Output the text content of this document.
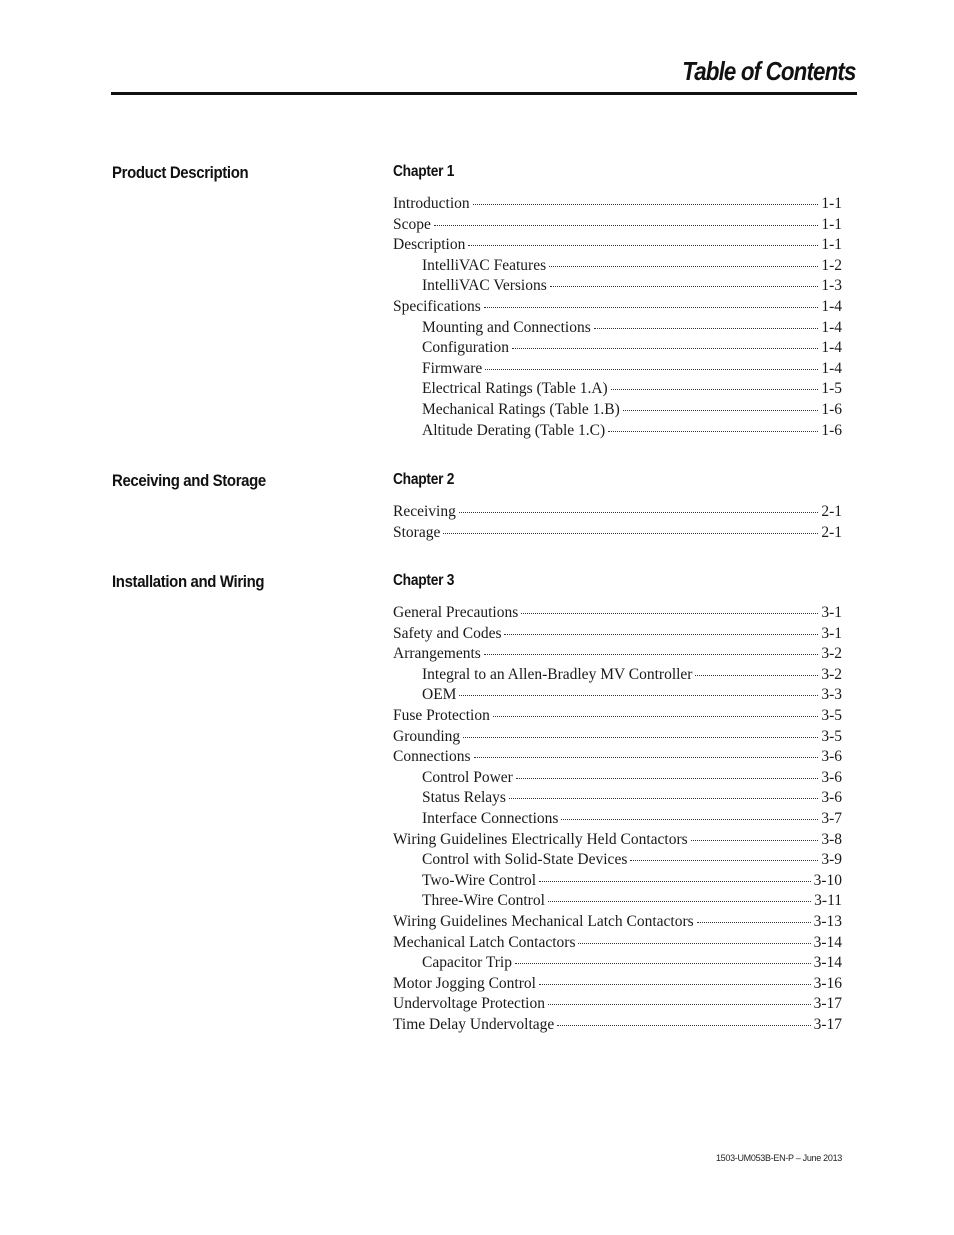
Table of Contents
Product Description	Chapter 1
Introduction	1-1
Scope	1-1
Description	1-1
IntelliVAC Features	1-2
IntelliVAC Versions	1-3
Specifications	1-4
Mounting and Connections	1-4
Configuration	1-4
Firmware	1-4
Electrical Ratings (Table 1.A)	1-5
Mechanical Ratings (Table 1.B)	1-6
Altitude Derating (Table 1.C)	1-6
Receiving and Storage	Chapter 2
Receiving	2-1
Storage	2-1
Installation and Wiring	Chapter 3
General Precautions	3-1
Safety and Codes	3-1
Arrangements	3-2
Integral to an Allen-Bradley MV Controller	3-2
OEM	3-3
Fuse Protection	3-5
Grounding	3-5
Connections	3-6
Control Power	3-6
Status Relays	3-6
Interface Connections	3-7
Wiring Guidelines Electrically Held Contactors	3-8
Control with Solid-State Devices	3-9
Two-Wire Control	3-10
Three-Wire Control	3-11
Wiring Guidelines Mechanical Latch Contactors	3-13
Mechanical Latch Contactors	3-14
Capacitor Trip	3-14
Motor Jogging Control	3-16
Undervoltage Protection	3-17
Time Delay Undervoltage	3-17
1503-UM053B-EN-P – June 2013
